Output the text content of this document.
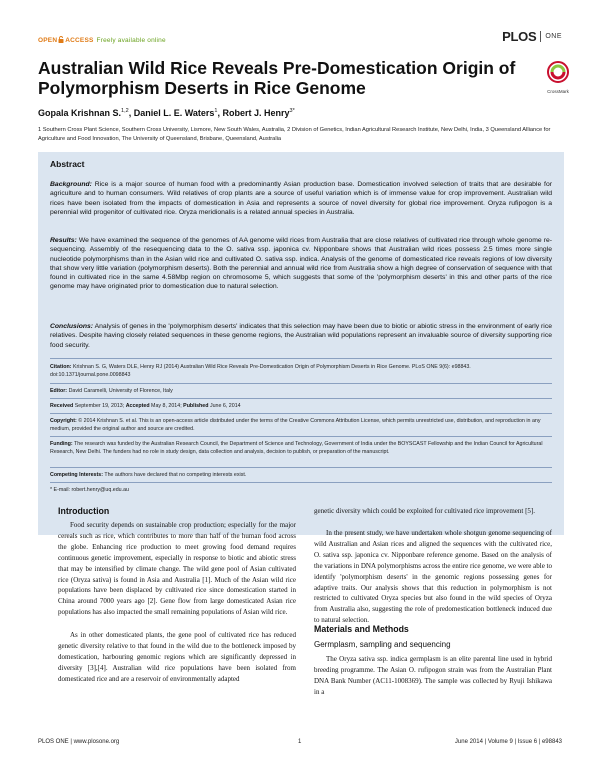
OPEN ACCESS Freely available online	PLOS ONE
Australian Wild Rice Reveals Pre-Domestication Origin of Polymorphism Deserts in Rice Genome	CrossMark
Gopala Krishnan S.$^{1,2}$, Daniel L. E. Waters$^1$, Robert J. Henry$^{3*}$
1 Southern Cross Plant Science, Southern Cross University, Lismore, New South Wales, Australia, 2 Division of Genetics, Indian Agricultural Research Institute, New Delhi, India, 3 Queensland Alliance for Agriculture and Food Innovation, The University of Queensland, Brisbane, Queensland, Australia
Abstract
Background: Rice is a major source of human food with a predominantly Asian production base. Domestication involved selection of traits that are desirable for agriculture and to human consumers. Wild relatives of crop plants are a source of useful variation which is of immense value for crop improvement. Australian wild rices have been isolated from the impacts of domestication in Asia and represents a source of novel diversity for global rice improvement. Oryza rufipogon is a perennial wild progenitor of cultivated rice. Oryza meridionalis is a related annual species in Australia.
Results: We have examined the sequence of the genomes of AA genome wild rices from Australia that are close relatives of cultivated rice through whole genome re-sequencing. Assembly of the resequencing data to the O. sativa ssp. japonica cv. Nipponbare shows that Australian wild rices possess 2.5 times more single nucleotide polymorphisms than in the Asian wild rice and cultivated O. sativa ssp. indica. Analysis of the genome of domesticated rice reveals regions of low diversity that show very little variation (polymorphism deserts). Both the perennial and annual wild rice from Australia show a high degree of conservation of sequence with that found in cultivated rice in the same 4.58Mbp region on chromosome 5, which suggests that some of the 'polymorphism deserts' in this and other parts of the rice genome may have originated prior to domestication due to natural selection.
Conclusions: Analysis of genes in the 'polymorphism deserts' indicates that this selection may have been due to biotic or abiotic stress in the environment of early rice relatives. Despite having closely related sequences in these genome regions, the Australian wild populations represent an invaluable source of diversity supporting rice food security.
Citation: Krishnan S. G, Waters DLE, Henry RJ (2014) Australian Wild Rice Reveals Pre-Domestication Origin of Polymorphism Deserts in Rice Genome. PLoS ONE 9(6): e98843. doi:10.1371/journal.pone.0098843
Editor: David Caramelli, University of Florence, Italy
Received September 19, 2013; Accepted May 8, 2014; Published June 6, 2014
Copyright: © 2014 Krishnan S. et al. This is an open-access article distributed under the terms of the Creative Commons Attribution License, which permits unrestricted use, distribution, and reproduction in any medium, provided the original author and source are credited.
Funding: The research was funded by the Australian Research Council, the Department of Science and Technology, Government of India under the BOYSCAST Fellowship and the Indian Council for Agricultural Research, New Delhi. The funders had no role in study design, data collection and analysis, decision to publish, or preparation of the manuscript.
Competing Interests: The authors have declared that no competing interests exist.
* E-mail: robert.henry@uq.edu.au
Introduction
Food security depends on sustainable crop production; especially for the major cereals such as rice, which contributes to more than half of the human food across the globe. Enhancing rice production to meet growing food demand requires continuous genetic improvement, especially in response to biotic and abiotic stress that may be intensified by climate change. The wild gene pool of Asian cultivated rice (Oryza sativa) is found in Asia and Australia [1]. Much of the Asian wild rice populations have been displaced by cultivated rice since domestication started in China around 7000 years ago [2]. Gene flow from large domesticated Asian rice populations has also impacted the small remaining populations of Asian wild rice.
As in other domesticated plants, the gene pool of cultivated rice has reduced genetic diversity relative to that found in the wild due to the bottleneck imposed by domestication, harbouring genomic regions which are significantly depressed in diversity [3],[4]. Australian wild rice populations have been isolated from domesticated rice and are a reservoir of environmentally adapted
genetic diversity which could be exploited for cultivated rice improvement [5].
In the present study, we have undertaken whole shotgun genome sequencing of wild Australian and Asian rices and aligned the sequences with the cultivated rice, O. sativa ssp. japonica cv. Nipponbare reference genome. Based on the analysis of the variations in DNA polymorphisms across the entire rice genome, we were able to identify 'polymorphism deserts' in the genomic regions possessing genes for adaptive traits. Our analysis shows that this reduction in polymorphism is not restricted to cultivated Oryza species but also found in the wild species of Oryza from Australia also, suggesting the role of predomestication bottleneck induced due to natural selection.
Materials and Methods
Germplasm, sampling and sequencing
The Oryza sativa ssp. indica germplasm is an elite parental line used in hybrid breeding programme. The Asian O. rufipogon strain was from the Australian Plant DNA Bank Number (AC11-1008369). The sample was collected by Ryuji Ishikawa in a
PLOS ONE | www.plosone.org	1	June 2014 | Volume 9 | Issue 6 | e98843
